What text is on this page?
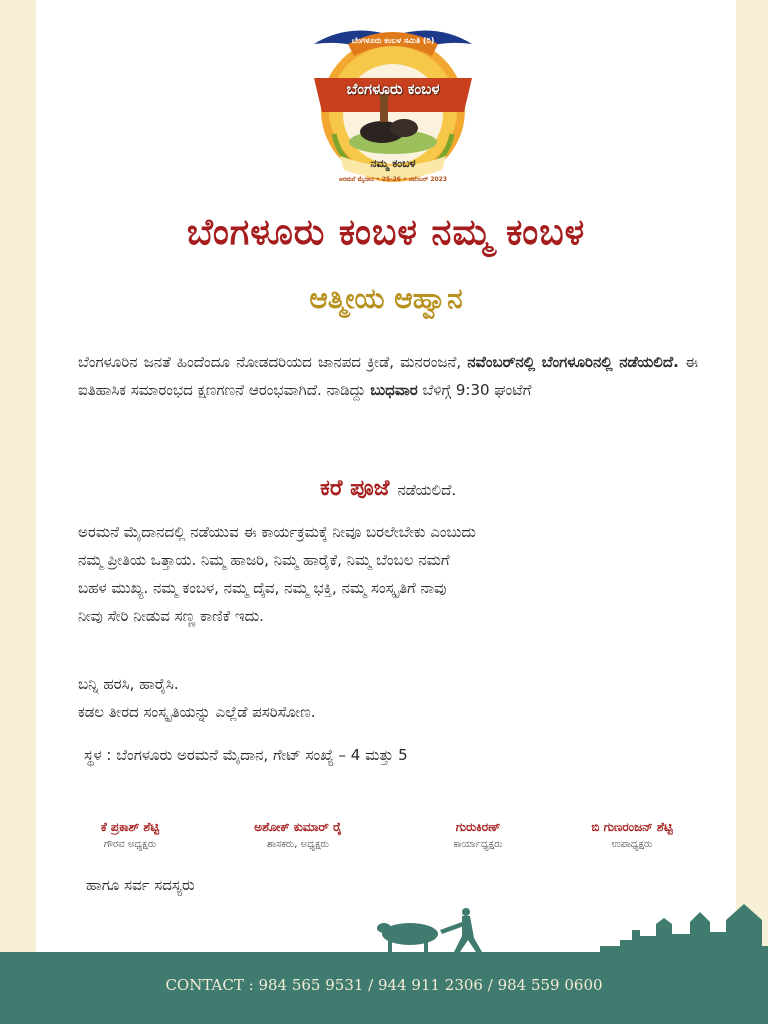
ಬೆಂಗಳೂರು ಕಂಬಳ ಸಮಿತಿ (ರಿ)
ಬೆಂಗಳೂರು ಕಂಬಳ
ನಮ್ಮ ಕಂಬಳ
ಅರಮನೆ ಮೈದಾನ • 25-26 • ನವೆಂಬರ್ 2023
ಬೆಂಗಳೂರು ಕಂಬಳ ನಮ್ಮ ಕಂಬಳ
ಆತ್ಮೀಯ ಆಹ್ವಾನ
ಬೆಂಗಳೂರಿನ ಜನತೆ ಹಿಂದೆಂದೂ ನೋಡದರಿಯದ ಜಾನಪದ ಕ್ರೀಡೆ, ಮನರಂಜನೆ, ನವೆಂಬರ್‌ನಲ್ಲಿ ಬೆಂಗಳೂರಿನಲ್ಲಿ ನಡೆಯಲಿದೆ. ಈ ಐತಿಹಾಸಿಕ ಸಮಾರಂಭದ ಕ್ಷಣಗಣನೆ ಆರಂಭವಾಗಿದೆ. ನಾಡಿದ್ದು ಬುಧವಾರ ಬೆಳಿಗ್ಗೆ 9:30 ಘಂಟೆಗೆ
ಕರೆ ಪೂಜೆ ನಡೆಯಲಿದೆ.
ಅರಮನೆ ಮೈದಾನದಲ್ಲಿ ನಡೆಯುವ ಈ ಕಾರ್ಯಕ್ರಮಕ್ಕೆ ನೀವೂ ಬರಲೇಬೇಕು ಎಂಬುದು
ನಮ್ಮ ಪ್ರೀತಿಯ ಒತ್ತಾಯ. ನಿಮ್ಮ ಹಾಜರಿ, ನಿಮ್ಮ ಹಾರೈಕೆ, ನಿಮ್ಮ ಬೆಂಬಲ ನಮಗೆ
ಬಹಳ ಮುಖ್ಯ. ನಮ್ಮ ಕಂಬಳ, ನಮ್ಮ ದೈವ, ನಮ್ಮ ಭಕ್ತಿ, ನಮ್ಮ ಸಂಸ್ಕೃತಿಗೆ ನಾವು
ನೀವು ಸೇರಿ ನೀಡುವ ಸಣ್ಣ ಕಾಣಿಕೆ ಇದು.
ಬನ್ನಿ ಹರಸಿ, ಹಾರೈಸಿ.
ಕಡಲ ತೀರದ ಸಂಸ್ಕೃತಿಯನ್ನು ಎಲ್ಲೆಡೆ ಪಸರಿಸೋಣ.
ಸ್ಥಳ : ಬೆಂಗಳೂರು ಅರಮನೆ ಮೈದಾನ, ಗೇಟ್ ಸಂಖ್ಯೆ – 4 ಮತ್ತು 5
ಕೆ ಪ್ರಕಾಶ್ ಶೆಟ್ಟಿ
ಗೌರವ ಅಧ್ಯಕ್ಷರು
ಅಶೋಕ್ ಕುಮಾರ್ ರೈ
ಶಾಸಕರು, ಅಧ್ಯಕ್ಷರು
ಗುರುಕಿರಣ್
ಕಾರ್ಯಾಧ್ಯಕ್ಷರು
ಬಿ ಗುಣರಂಜನ್ ಶೆಟ್ಟಿ
ಉಪಾಧ್ಯಕ್ಷರು
ಹಾಗೂ ಸರ್ವ ಸದಸ್ಯರು
CONTACT : 984 565 9531 / 944 911 2306 / 984 559 0600
